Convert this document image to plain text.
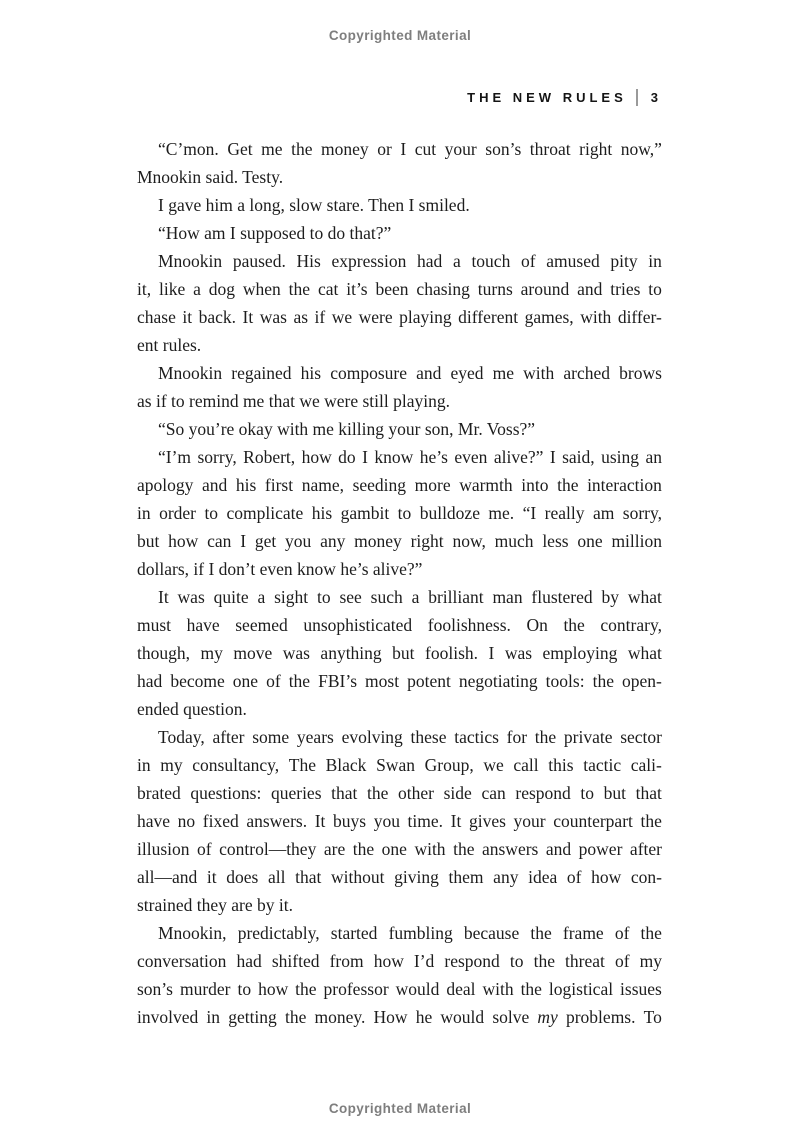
Copyrighted Material
THE NEW RULES 3
“C’mon. Get me the money or I cut your son’s throat right now,”
Mnookin said. Testy.
I gave him a long, slow stare. Then I smiled.
“How am I supposed to do that?”
Mnookin paused. His expression had a touch of amused pity in
it, like a dog when the cat it’s been chasing turns around and tries to
chase it back. It was as if we were playing different games, with differ-
ent rules.
Mnookin regained his composure and eyed me with arched brows
as if to remind me that we were still playing.
“So you’re okay with me killing your son, Mr. Voss?”
“I’m sorry, Robert, how do I know he’s even alive?” I said, using an
apology and his first name, seeding more warmth into the interaction
in order to complicate his gambit to bulldoze me. “I really am sorry,
but how can I get you any money right now, much less one million
dollars, if I don’t even know he’s alive?”
It was quite a sight to see such a brilliant man flustered by what
must have seemed unsophisticated foolishness. On the contrary,
though, my move was anything but foolish. I was employing what
had become one of the FBI’s most potent negotiating tools: the open-
ended question.
Today, after some years evolving these tactics for the private sector
in my consultancy, The Black Swan Group, we call this tactic cali-
brated questions: queries that the other side can respond to but that
have no fixed answers. It buys you time. It gives your counterpart the
illusion of control—they are the one with the answers and power after
all—and it does all that without giving them any idea of how con-
strained they are by it.
Mnookin, predictably, started fumbling because the frame of the
conversation had shifted from how I’d respond to the threat of my
son’s murder to how the professor would deal with the logistical issues
involved in getting the money. How he would solve my problems. To
Copyrighted Material
